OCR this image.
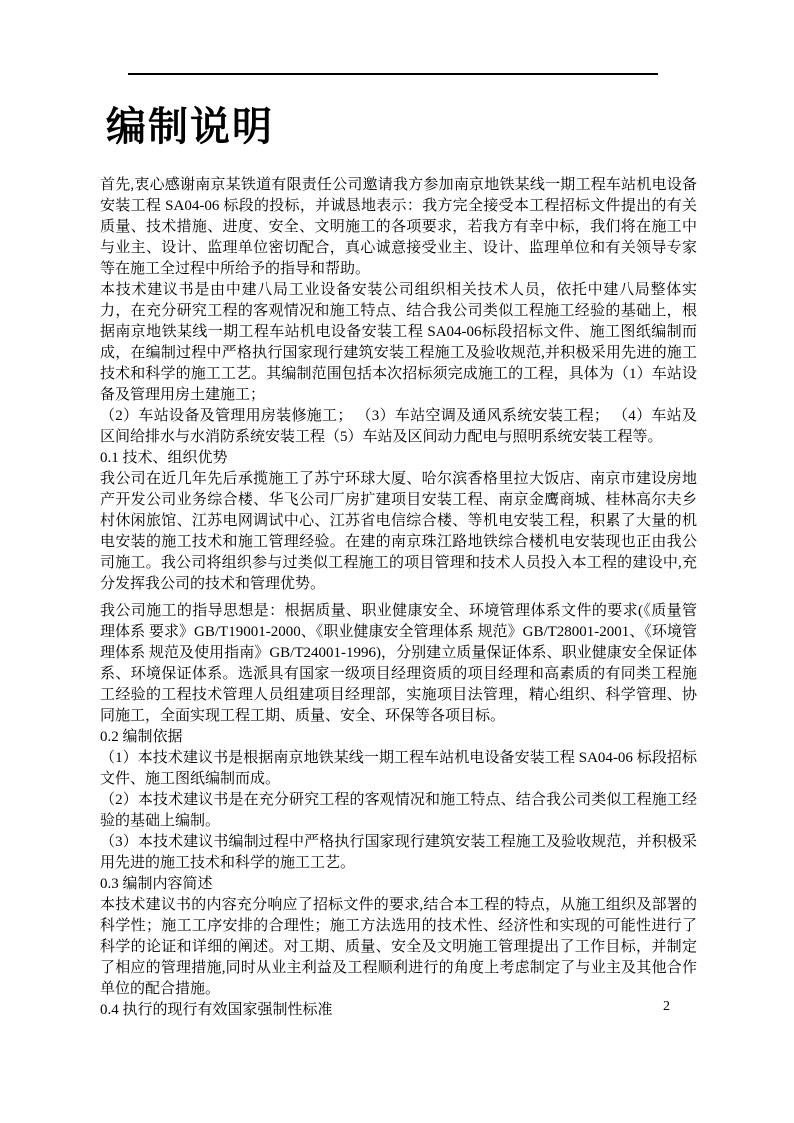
编制说明

首先,衷心感谢南京某铁道有限责任公司邀请我方参加南京地铁某线一期工程车站机电设备安装工程 SA04-06 标段的投标，并诚恳地表示：我方完全接受本工程招标文件提出的有关质量、技术措施、进度、安全、文明施工的各项要求，若我方有幸中标，我们将在施工中与业主、设计、监理单位密切配合，真心诚意接受业主、设计、监理单位和有关领导专家等在施工全过程中所给予的指导和帮助。

本技术建议书是由中建八局工业设备安装公司组织相关技术人员，依托中建八局整体实力，在充分研究工程的客观情况和施工特点、结合我公司类似工程施工经验的基础上，根据南京地铁某线一期工程车站机电设备安装工程 SA04-06标段招标文件、施工图纸编制而成，在编制过程中严格执行国家现行建筑安装工程施工及验收规范,并积极采用先进的施工技术和科学的施工工艺。其编制范围包括本次招标须完成施工的工程，具体为（1）车站设备及管理用房土建施工；

（2）车站设备及管理用房装修施工； （3）车站空调及通风系统安装工程； （4）车站及区间给排水与水消防系统安装工程（5）车站及区间动力配电与照明系统安装工程等。

0.1 技术、组织优势

我公司在近几年先后承揽施工了苏宁环球大厦、哈尔滨香格里拉大饭店、南京市建设房地产开发公司业务综合楼、华飞公司厂房扩建项目安装工程、南京金鹰商城、桂林高尔夫乡村休闲旅馆、江苏电网调试中心、江苏省电信综合楼、等机电安装工程，积累了大量的机电安装的施工技术和施工管理经验。在建的南京珠江路地铁综合楼机电安装现也正由我公司施工。我公司将组织参与过类似工程施工的项目管理和技术人员投入本工程的建设中,充分发挥我公司的技术和管理优势。

我公司施工的指导思想是：根据质量、职业健康安全、环境管理体系文件的要求(《质量管理体系 要求》GB/T19001-2000、《职业健康安全管理体系 规范》GB/T28001-2001、《环境管理体系 规范及使用指南》GB/T24001-1996)，分别建立质量保证体系、职业健康安全保证体系、环境保证体系。选派具有国家一级项目经理资质的项目经理和高素质的有同类工程施工经验的工程技术管理人员组建项目经理部，实施项目法管理，精心组织、科学管理、协同施工，全面实现工程工期、质量、安全、环保等各项目标。

0.2 编制依据

（1）本技术建议书是根据南京地铁某线一期工程车站机电设备安装工程 SA04-06 标段招标文件、施工图纸编制而成。

（2）本技术建议书是在充分研究工程的客观情况和施工特点、结合我公司类似工程施工经验的基础上编制。

（3）本技术建议书编制过程中严格执行国家现行建筑安装工程施工及验收规范，并积极采用先进的施工技术和科学的施工工艺。

0.3 编制内容简述

本技术建议书的内容充分响应了招标文件的要求,结合本工程的特点，从施工组织及部署的科学性；施工工序安排的合理性；施工方法选用的技术性、经济性和实现的可能性进行了科学的论证和详细的阐述。对工期、质量、安全及文明施工管理提出了工作目标，并制定了相应的管理措施,同时从业主利益及工程顺利进行的角度上考虑制定了与业主及其他合作单位的配合措施。

0.4 执行的现行有效国家强制性标准	2
